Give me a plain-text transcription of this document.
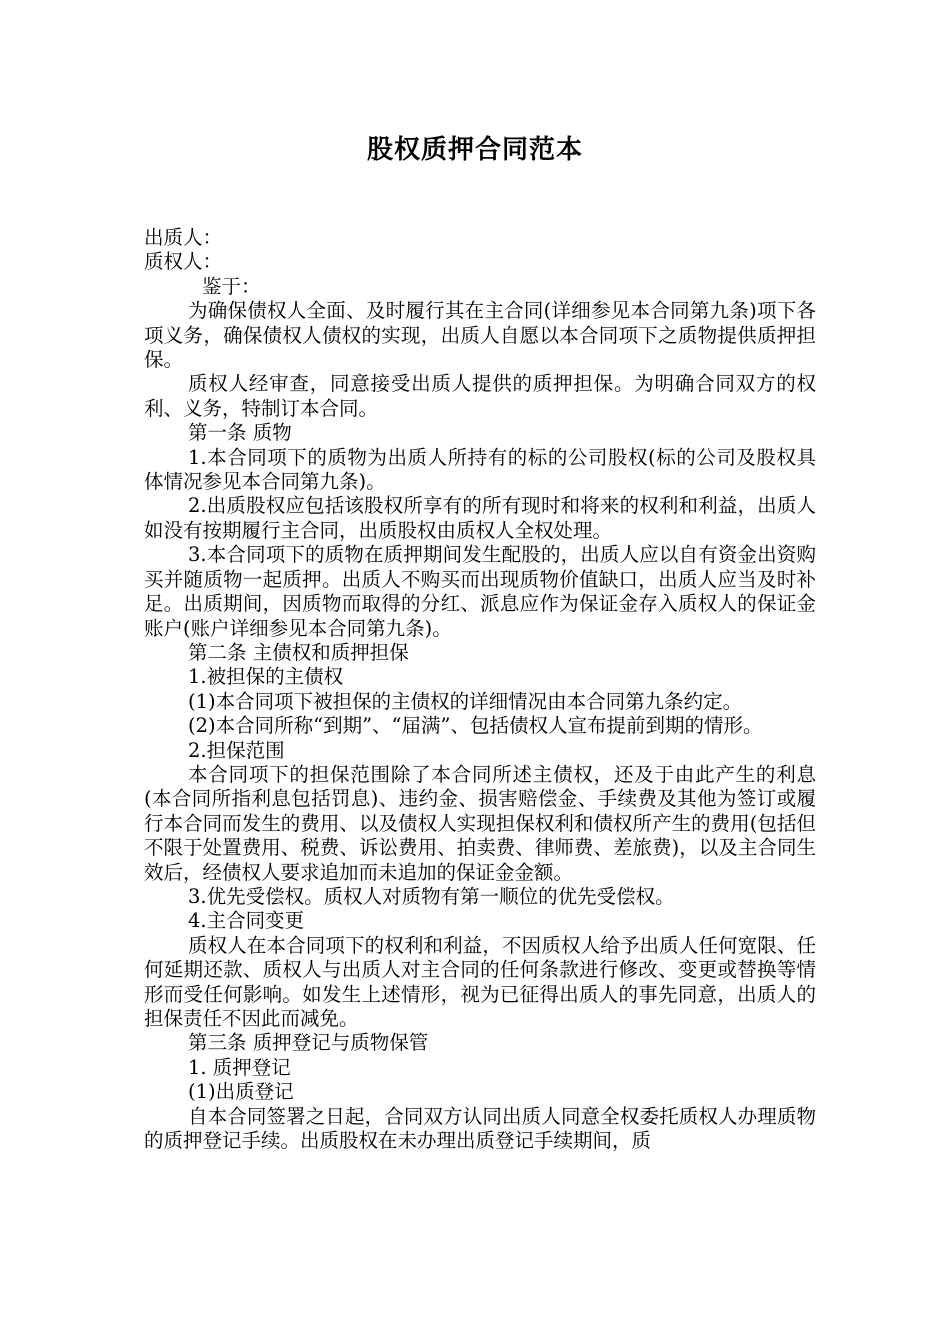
股权质押合同范本

出质人：

质权人：

鉴于：

为确保债权人全面、及时履行其在主合同(详细参见本合同第九条)项下各项义务，确保债权人债权的实现，出质人自愿以本合同项下之质物提供质押担保。

质权人经审查，同意接受出质人提供的质押担保。为明确合同双方的权利、义务，特制订本合同。

第一条 质物

1.本合同项下的质物为出质人所持有的标的公司股权(标的公司及股权具体情况参见本合同第九条)。

2.出质股权应包括该股权所享有的所有现时和将来的权利和利益，出质人如没有按期履行主合同，出质股权由质权人全权处理。

3.本合同项下的质物在质押期间发生配股的，出质人应以自有资金出资购买并随质物一起质押。出质人不购买而出现质物价值缺口，出质人应当及时补足。出质期间，因质物而取得的分红、派息应作为保证金存入质权人的保证金账户(账户详细参见本合同第九条)。

第二条 主债权和质押担保

1.被担保的主债权

(1)本合同项下被担保的主债权的详细情况由本合同第九条约定。

(2)本合同所称“到期”、“届满”、包括债权人宣布提前到期的情形。

2.担保范围

本合同项下的担保范围除了本合同所述主债权，还及于由此产生的利息(本合同所指利息包括罚息)、违约金、损害赔偿金、手续费及其他为签订或履行本合同而发生的费用、以及债权人实现担保权利和债权所产生的费用(包括但不限于处置费用、税费、诉讼费用、拍卖费、律师费、差旅费)，以及主合同生效后，经债权人要求追加而未追加的保证金金额。

3.优先受偿权。质权人对质物有第一顺位的优先受偿权。

4.主合同变更

质权人在本合同项下的权利和利益，不因质权人给予出质人任何宽限、任何延期还款、质权人与出质人对主合同的任何条款进行修改、变更或替换等情形而受任何影响。如发生上述情形，视为已征得出质人的事先同意，出质人的担保责任不因此而减免。

第三条 质押登记与质物保管

1. 质押登记

(1)出质登记

自本合同签署之日起，合同双方认同出质人同意全权委托质权人办理质物的质押登记手续。出质股权在未办理出质登记手续期间，质
